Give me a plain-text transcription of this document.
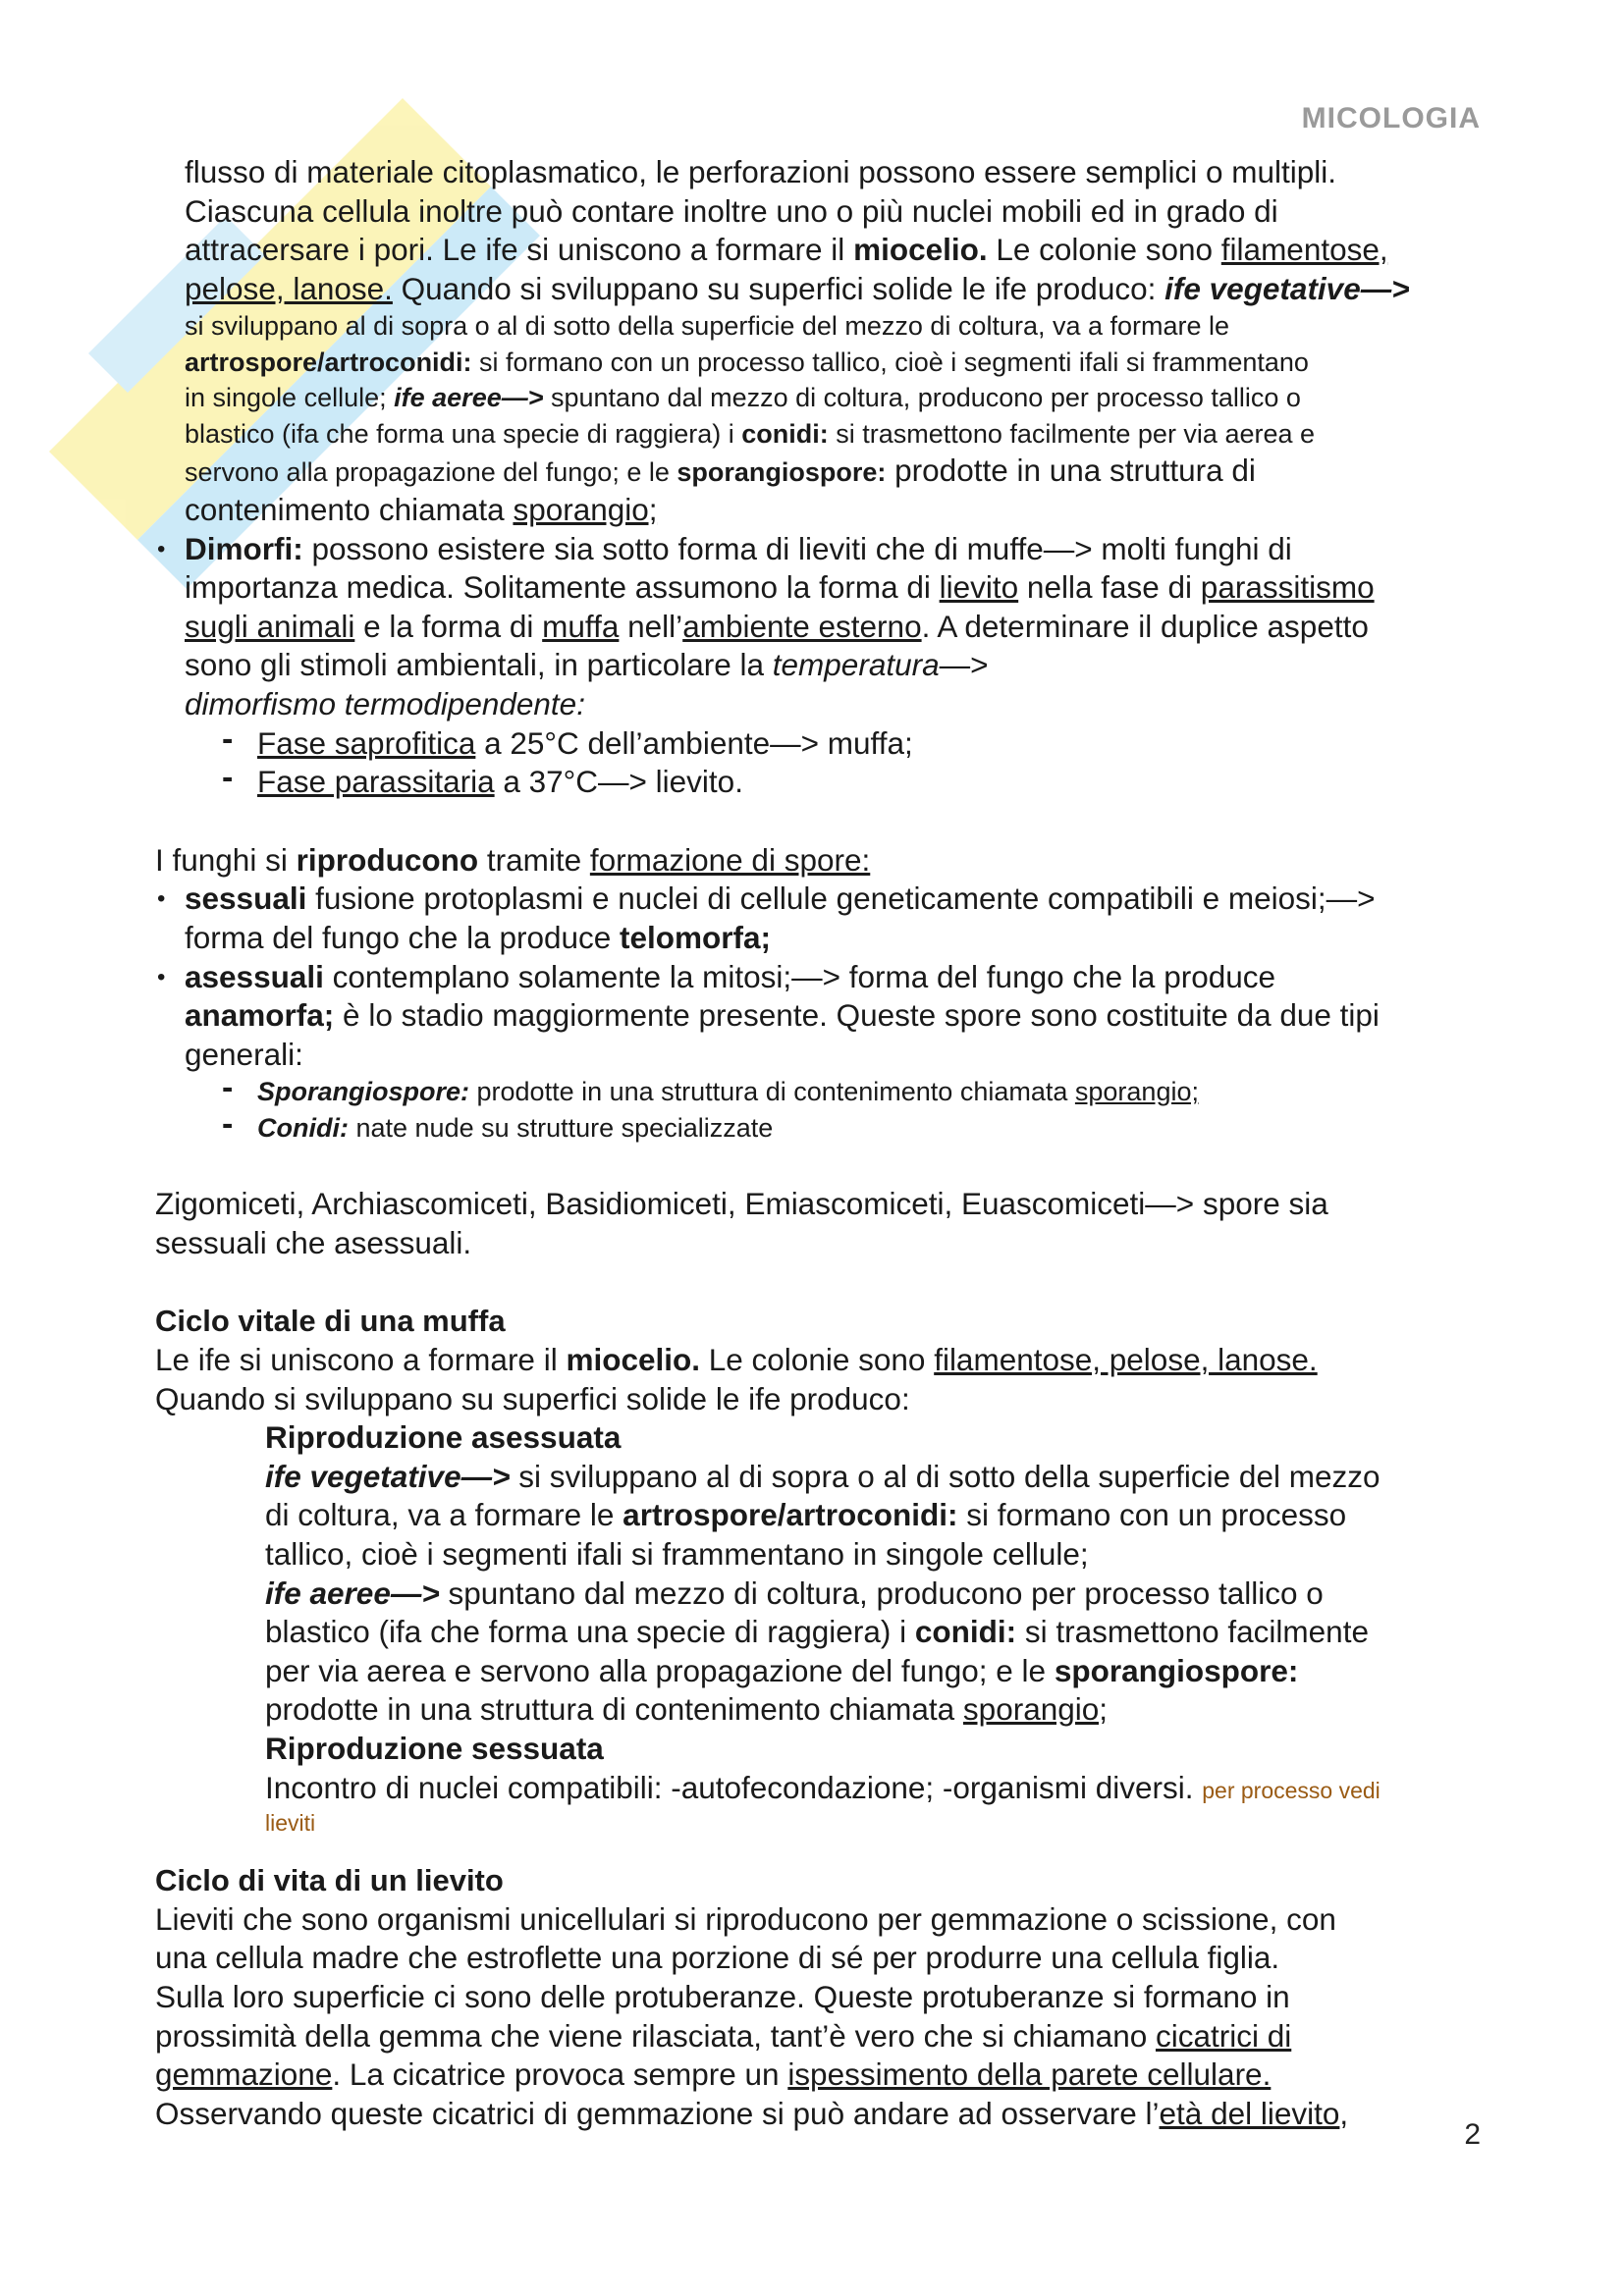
MICOLOGIA

flusso di materiale citoplasmatico, le perforazioni possono essere semplici o multipli.

Ciascuna cellula inoltre può contare inoltre uno o più nuclei mobili ed in grado di

attracersare i pori. Le ife si uniscono a formare il miocelio. Le colonie sono filamentose,

pelose, lanose. Quando si sviluppano su superfici solide le ife produco: ife vegetative—>

si sviluppano al di sopra o al di sotto della superficie del mezzo di coltura, va a formare le

artrospore/artroconidi: si formano con un processo tallico, cioè i segmenti ifali si frammentano

in singole cellule; ife aeree—> spuntano dal mezzo di coltura, producono per processo tallico o

blastico (ifa che forma una specie di raggiera) i conidi: si trasmettono facilmente per via aerea e

servono alla propagazione del fungo; e le sporangiospore: prodotte in una struttura di

contenimento chiamata sporangio;

• Dimorfi: possono esistere sia sotto forma di lieviti che di muffe—> molti funghi di

importanza medica. Solitamente assumono la forma di lievito nella fase di parassitismo

sugli animali e la forma di muffa nell’ambiente esterno. A determinare il duplice aspetto

sono gli stimoli ambientali, in particolare la temperatura—>

dimorfismo termodipendente:

- Fase saprofitica a 25°C dell’ambiente—> muffa;

- Fase parassitaria a 37°C—> lievito.

I funghi si riproducono tramite formazione di spore:

• sessuali fusione protoplasmi e nuclei di cellule geneticamente compatibili e meiosi;—>

forma del fungo che la produce telomorfa;

• asessuali contemplano solamente la mitosi;—> forma del fungo che la produce

anamorfa; è lo stadio maggiormente presente. Queste spore sono costituite da due tipi

generali:

- Sporangiospore: prodotte in una struttura di contenimento chiamata sporangio;

- Conidi: nate nude su strutture specializzate

Zigomiceti, Archiascomiceti, Basidiomiceti, Emiascomiceti, Euascomiceti—> spore sia

sessuali che asessuali.

Ciclo vitale di una muffa

Le ife si uniscono a formare il miocelio. Le colonie sono filamentose, pelose, lanose.

Quando si sviluppano su superfici solide le ife produco:

Riproduzione asessuata

ife vegetative—> si sviluppano al di sopra o al di sotto della superficie del mezzo

di coltura, va a formare le artrospore/artroconidi: si formano con un processo

tallico, cioè i segmenti ifali si frammentano in singole cellule;

ife aeree—> spuntano dal mezzo di coltura, producono per processo tallico o

blastico (ifa che forma una specie di raggiera) i conidi: si trasmettono facilmente

per via aerea e servono alla propagazione del fungo; e le sporangiospore:

prodotte in una struttura di contenimento chiamata sporangio;

Riproduzione sessuata

Incontro di nuclei compatibili: -autofecondazione; -organismi diversi. per processo vedi

lieviti

Ciclo di vita di un lievito

Lieviti che sono organismi unicellulari si riproducono per gemmazione o scissione, con

una cellula madre che estroflette una porzione di sé per produrre una cellula figlia.

Sulla loro superficie ci sono delle protuberanze. Queste protuberanze si formano in

prossimità della gemma che viene rilasciata, tant’è vero che si chiamano cicatrici di

gemmazione. La cicatrice provoca sempre un ispessimento della parete cellulare.

Osservando queste cicatrici di gemmazione si può andare ad osservare l’età del lievito,

2
